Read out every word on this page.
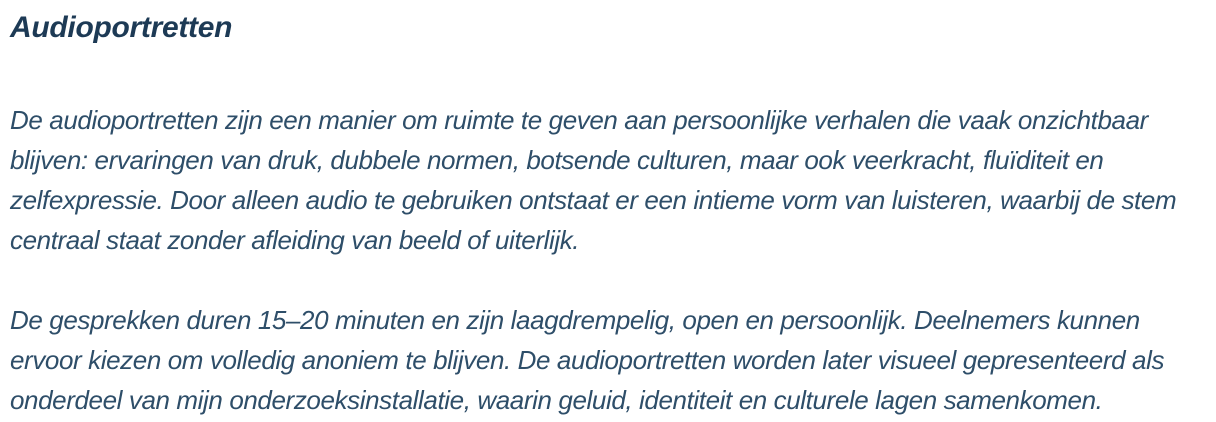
Audioportretten

De audioportretten zijn een manier om ruimte te geven aan persoonlijke verhalen die vaak onzichtbaar blijven: ervaringen van druk, dubbele normen, botsende culturen, maar ook veerkracht, fluïditeit en zelfexpressie. Door alleen audio te gebruiken ontstaat er een intieme vorm van luisteren, waarbij de stem centraal staat zonder afleiding van beeld of uiterlijk.

De gesprekken duren 15–20 minuten en zijn laagdrempelig, open en persoonlijk. Deelnemers kunnen ervoor kiezen om volledig anoniem te blijven. De audioportretten worden later visueel gepresenteerd als onderdeel van mijn onderzoeksinstallatie, waarin geluid, identiteit en culturele lagen samenkomen.
